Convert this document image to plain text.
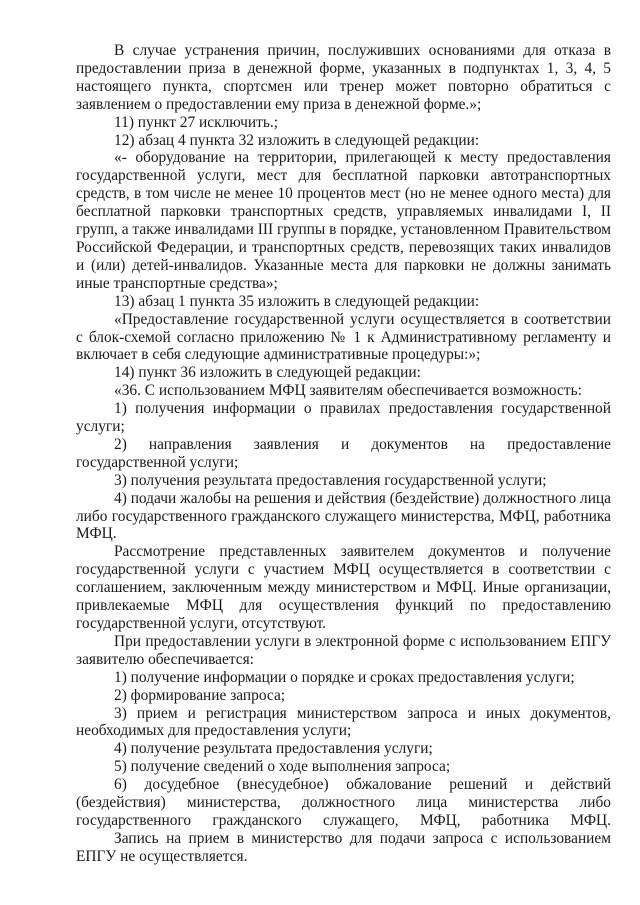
В случае устранения причин, послуживших основаниями для отказа в предоставлении приза в денежной форме, указанных в подпунктах 1, 3, 4, 5 настоящего пункта, спортсмен или тренер может повторно обратиться с заявлением о предоставлении ему приза в денежной форме.»;

11) пункт 27 исключить.;

12) абзац 4 пункта 32 изложить в следующей редакции:

«- оборудование на территории, прилегающей к месту предоставления государственной услуги, мест для бесплатной парковки автотранспортных средств, в том числе не менее 10 процентов мест (но не менее одного места) для бесплатной парковки транспортных средств, управляемых инвалидами I, II групп, а также инвалидами III группы в порядке, установленном Правительством Российской Федерации, и транспортных средств, перевозящих таких инвалидов и (или) детей-инвалидов. Указанные места для парковки не должны занимать иные транспортные средства»;

13) абзац 1 пункта 35 изложить в следующей редакции:

«Предоставление государственной услуги осуществляется в соответствии с блок-схемой согласно приложению № 1 к Административному регламенту и включает в себя следующие административные процедуры:»;

14) пункт 36 изложить в следующей редакции:

«36. С использованием МФЦ заявителям обеспечивается возможность:

1) получения информации о правилах предоставления государственной услуги;

2) направления заявления и документов на предоставление государственной услуги;

3) получения результата предоставления государственной услуги;

4) подачи жалобы на решения и действия (бездействие) должностного лица либо государственного гражданского служащего министерства, МФЦ, работника МФЦ.

Рассмотрение представленных заявителем документов и получение государственной услуги с участием МФЦ осуществляется в соответствии с соглашением, заключенным между министерством и МФЦ. Иные организации, привлекаемые МФЦ для осуществления функций по предоставлению государственной услуги, отсутствуют.

При предоставлении услуги в электронной форме с использованием ЕПГУ заявителю обеспечивается:

1) получение информации о порядке и сроках предоставления услуги;

2) формирование запроса;

3) прием и регистрация министерством запроса и иных документов, необходимых для предоставления услуги;

4) получение результата предоставления услуги;

5) получение сведений о ходе выполнения запроса;

6) досудебное (внесудебное) обжалование решений и действий (бездействия) министерства, должностного лица министерства либо государственного гражданского служащего, МФЦ, работника МФЦ.

Запись на прием в министерство для подачи запроса с использованием ЕПГУ не осуществляется.
